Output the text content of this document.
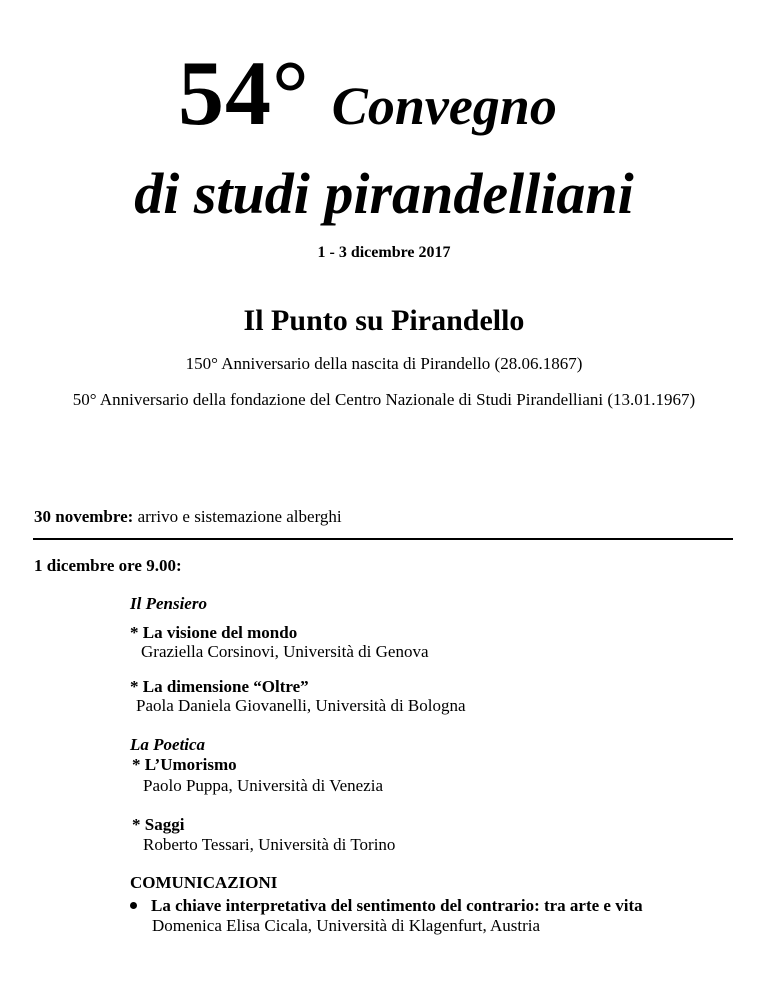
54° Convegno
di studi pirandelliani
1 - 3 dicembre 2017
Il Punto su Pirandello
150° Anniversario della nascita di Pirandello (28.06.1867)
50° Anniversario della fondazione del Centro Nazionale di Studi Pirandelliani (13.01.1967)
30 novembre: arrivo e sistemazione alberghi
1 dicembre ore 9.00:
Il Pensiero
* La visione del mondo
Graziella Corsinovi, Università di Genova
* La dimensione “Oltre”
Paola Daniela Giovanelli, Università di Bologna
La Poetica
* L’Umorismo
Paolo Puppa, Università di Venezia
* Saggi
Roberto Tessari, Università di Torino
COMUNICAZIONI
La chiave interpretativa del sentimento del contrario: tra arte e vita
Domenica Elisa Cicala, Università di Klagenfurt, Austria
